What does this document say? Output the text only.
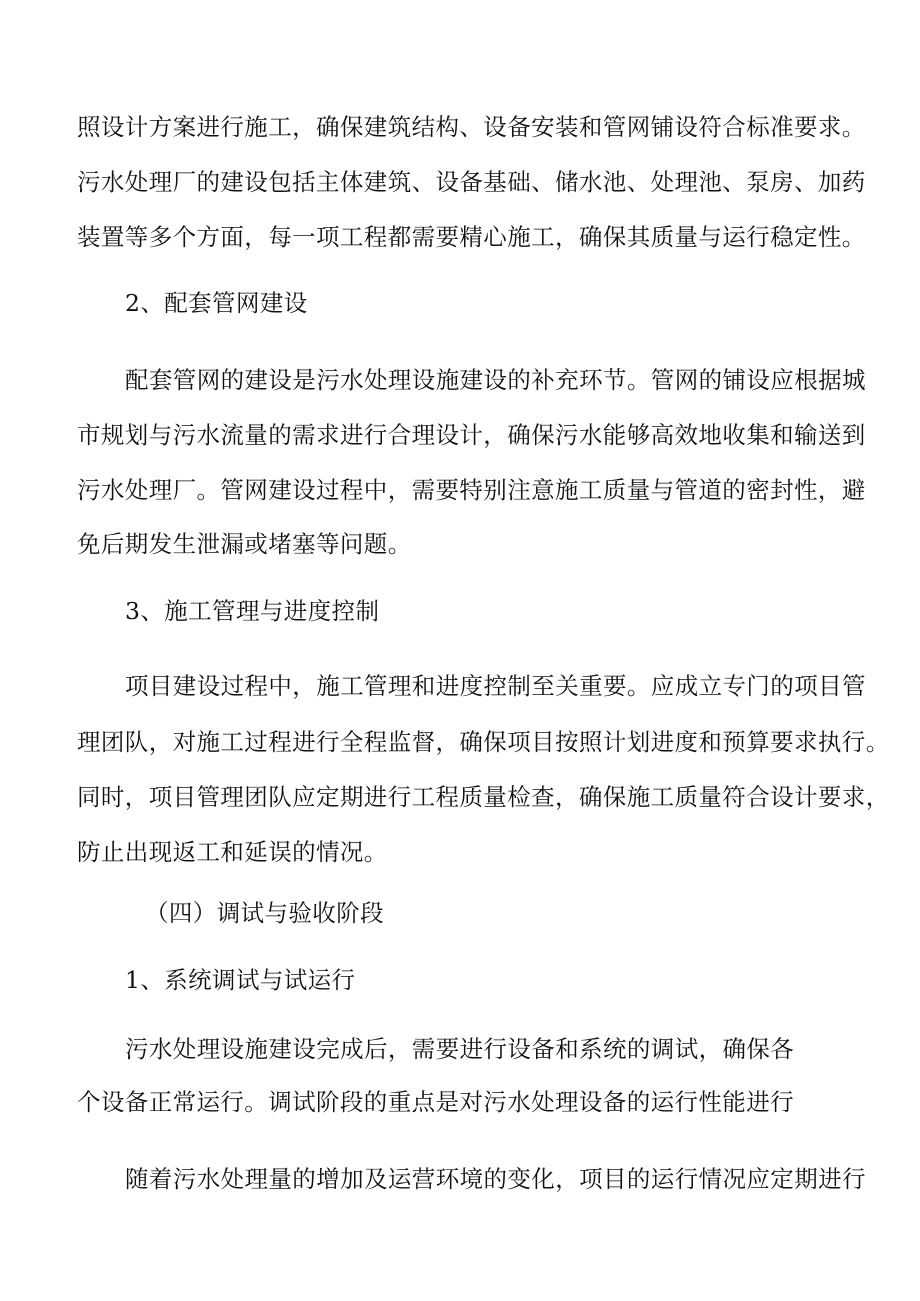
照设计方案进行施工，确保建筑结构、设备安装和管网铺设符合标准要求。
污水处理厂的建设包括主体建筑、设备基础、储水池、处理池、泵房、加药
装置等多个方面，每一项工程都需要精心施工，确保其质量与运行稳定性。
2、配套管网建设
配套管网的建设是污水处理设施建设的补充环节。管网的铺设应根据城
市规划与污水流量的需求进行合理设计，确保污水能够高效地收集和输送到
污水处理厂。管网建设过程中，需要特别注意施工质量与管道的密封性，避
免后期发生泄漏或堵塞等问题。
3、施工管理与进度控制
项目建设过程中，施工管理和进度控制至关重要。应成立专门的项目管
理团队，对施工过程进行全程监督，确保项目按照计划进度和预算要求执行。
同时，项目管理团队应定期进行工程质量检查，确保施工质量符合设计要求，
防止出现返工和延误的情况。
（四）调试与验收阶段
1、系统调试与试运行
污水处理设施建设完成后，需要进行设备和系统的调试，确保各
个设备正常运行。调试阶段的重点是对污水处理设备的运行性能进行
随着污水处理量的增加及运营环境的变化，项目的运行情况应定期进行
